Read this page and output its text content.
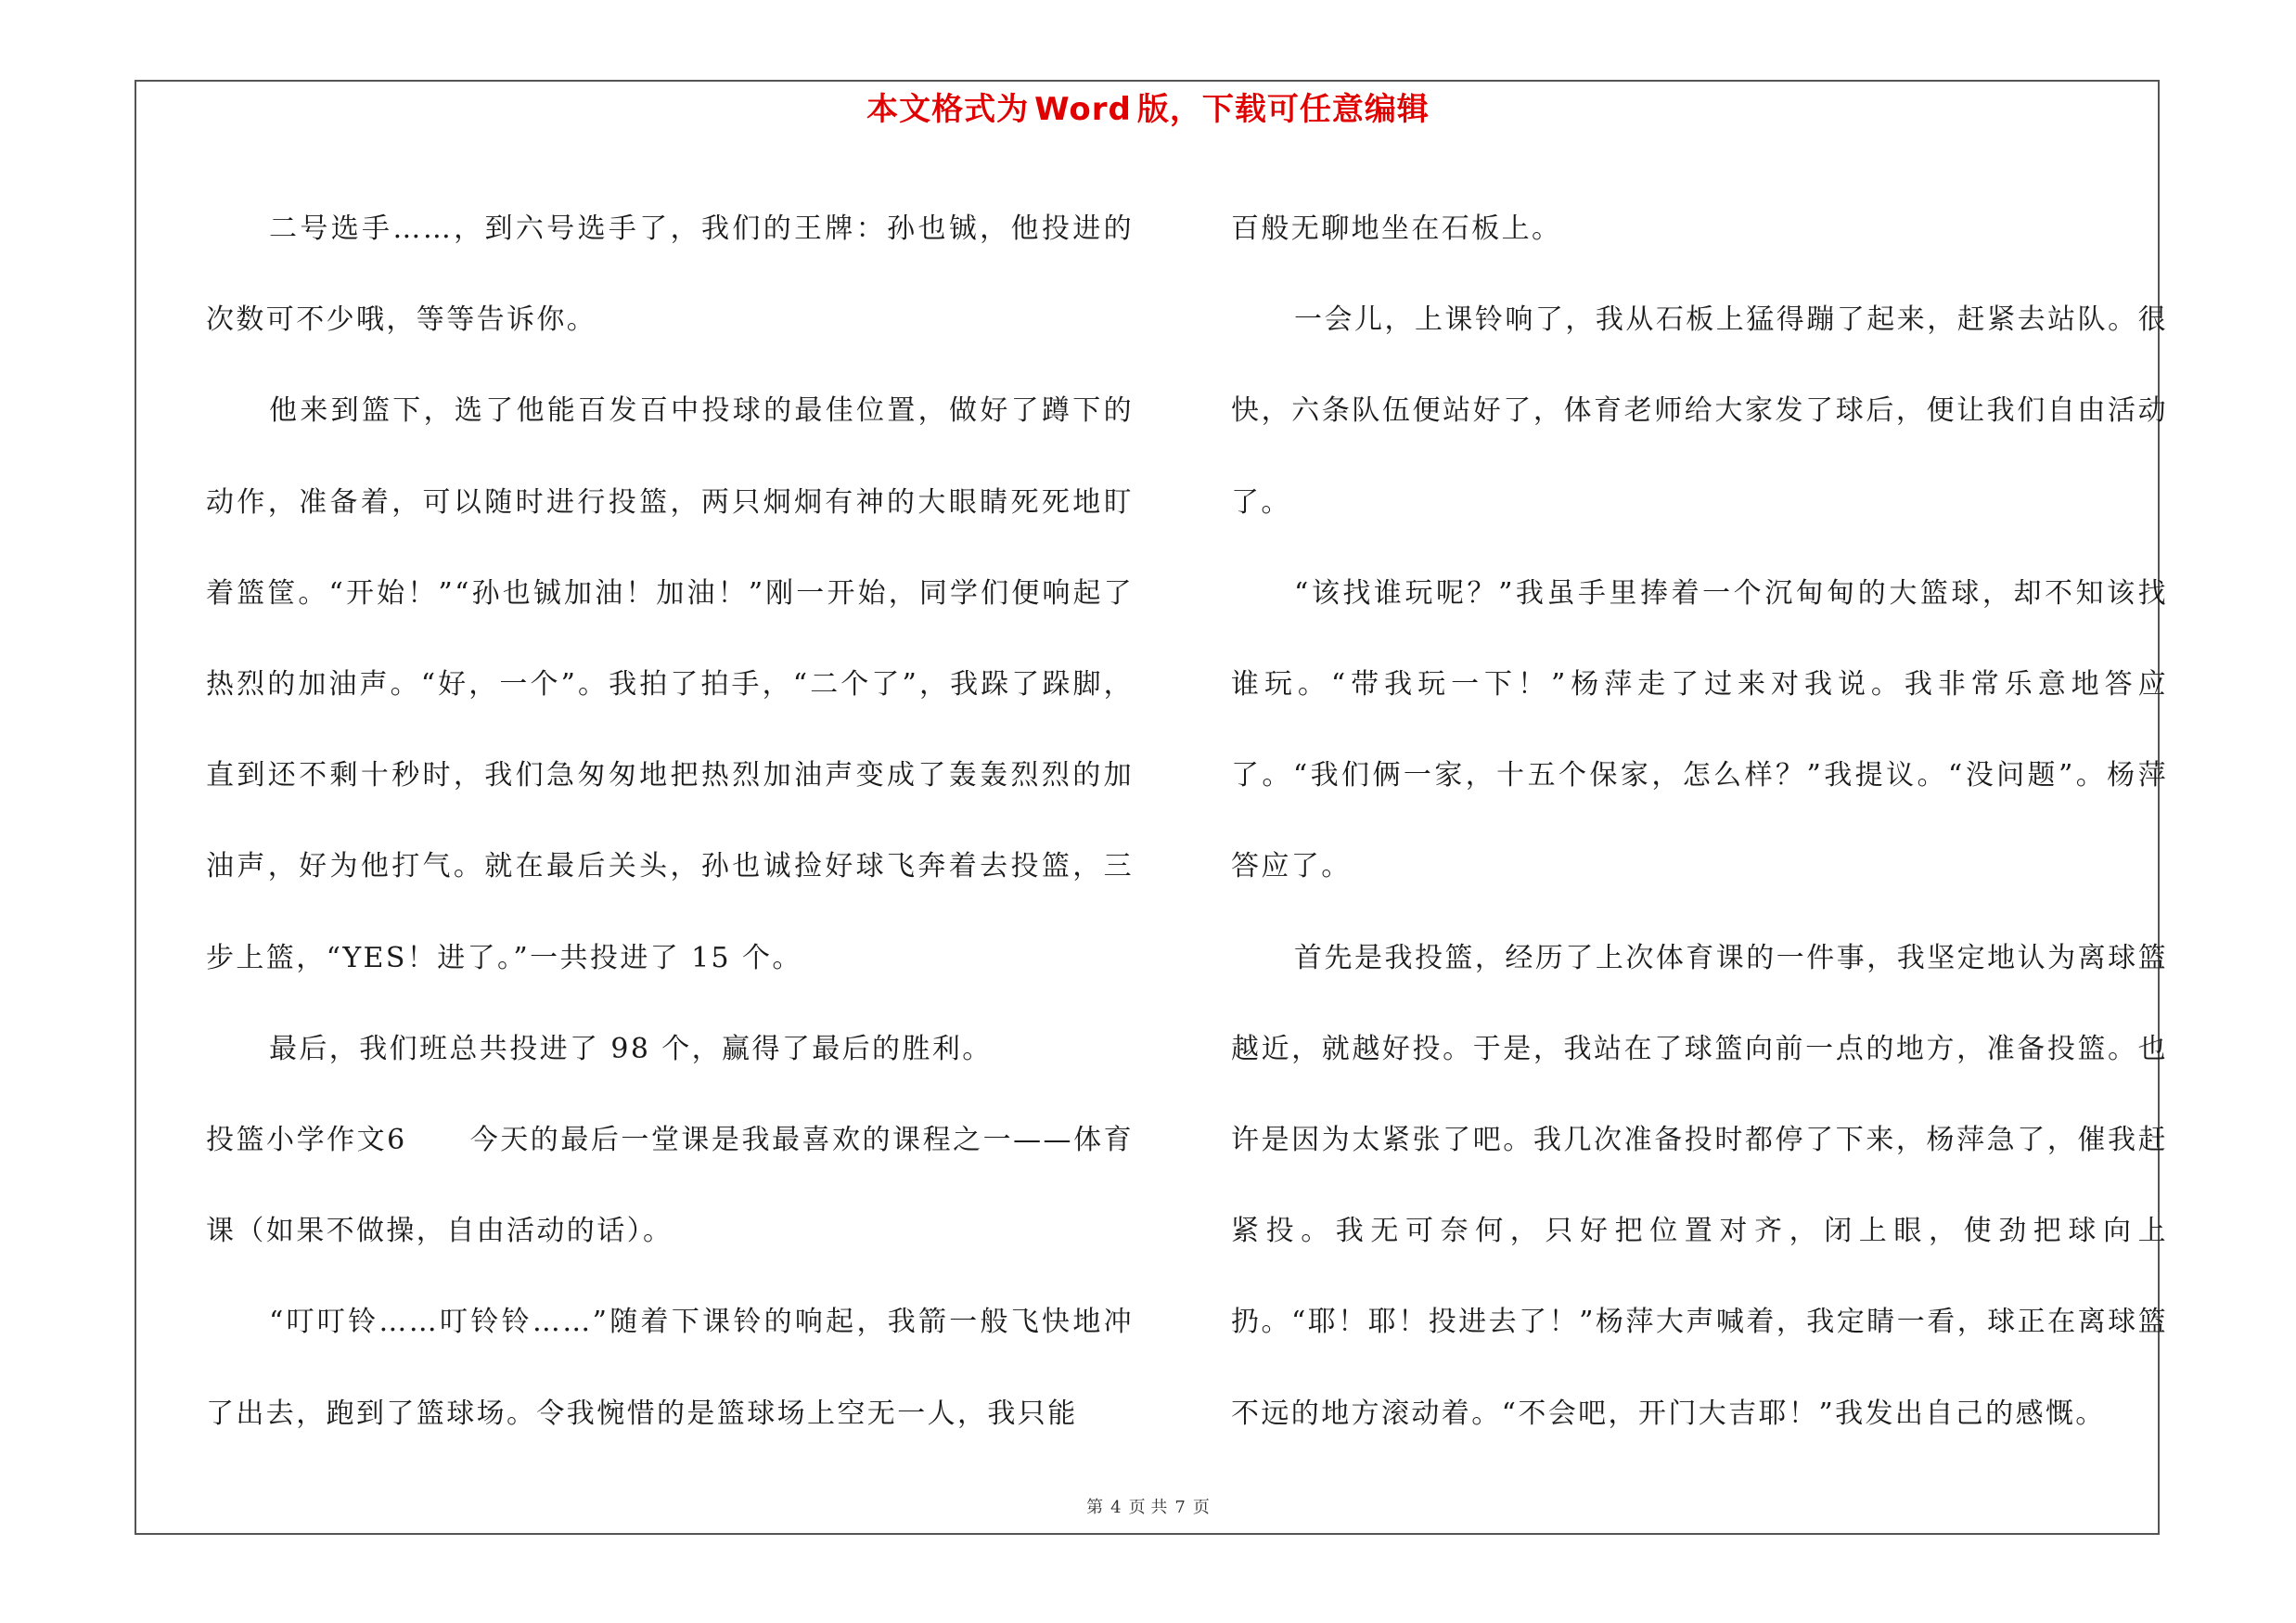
本文格式为 Word 版，下载可任意编辑

二号选手……，到六号选手了，我们的王牌：孙也铖，他投进的次数可不少哦，等等告诉你。

他来到篮下，选了他能百发百中投球的最佳位置，做好了蹲下的动作，准备着，可以随时进行投篮，两只炯炯有神的大眼睛死死地盯着篮筐。“开始！”“孙也铖加油！加油！”刚一开始，同学们便响起了热烈的加油声。“好，一个”。我拍了拍手，“二个了”，我跺了跺脚，直到还不剩十秒时，我们急匆匆地把热烈加油声变成了轰轰烈烈的加油声，好为他打气。就在最后关头，孙也诚捡好球飞奔着去投篮，三步上篮，“YES！进了。”一共投进了 15 个。

最后，我们班总共投进了 98 个，赢得了最后的胜利。

投篮小学作文6 今天的最后一堂课是我最喜欢的课程之一——体育课（如果不做操，自由活动的话）。

“叮叮铃……叮铃铃……”随着下课铃的响起，我箭一般飞快地冲了出去，跑到了篮球场。令我惋惜的是篮球场上空无一人，我只能

百般无聊地坐在石板上。

一会儿，上课铃响了，我从石板上猛得蹦了起来，赶紧去站队。很快，六条队伍便站好了，体育老师给大家发了球后，便让我们自由活动了。

“该找谁玩呢？”我虽手里捧着一个沉甸甸的大篮球，却不知该找谁玩。“带我玩一下！”杨萍走了过来对我说。我非常乐意地答应了。“我们俩一家，十五个保家，怎么样？”我提议。“没问题”。杨萍答应了。

首先是我投篮，经历了上次体育课的一件事，我坚定地认为离球篮越近，就越好投。于是，我站在了球篮向前一点的地方，准备投篮。也许是因为太紧张了吧。我几次准备投时都停了下来，杨萍急了，催我赶紧投。我无可奈何，只好把位置对齐，闭上眼，使劲把球向上扔。“耶！耶！投进去了！”杨萍大声喊着，我定睛一看，球正在离球篮不远的地方滚动着。“不会吧，开门大吉耶！”我发出自己的感慨。

第 4 页 共 7 页
